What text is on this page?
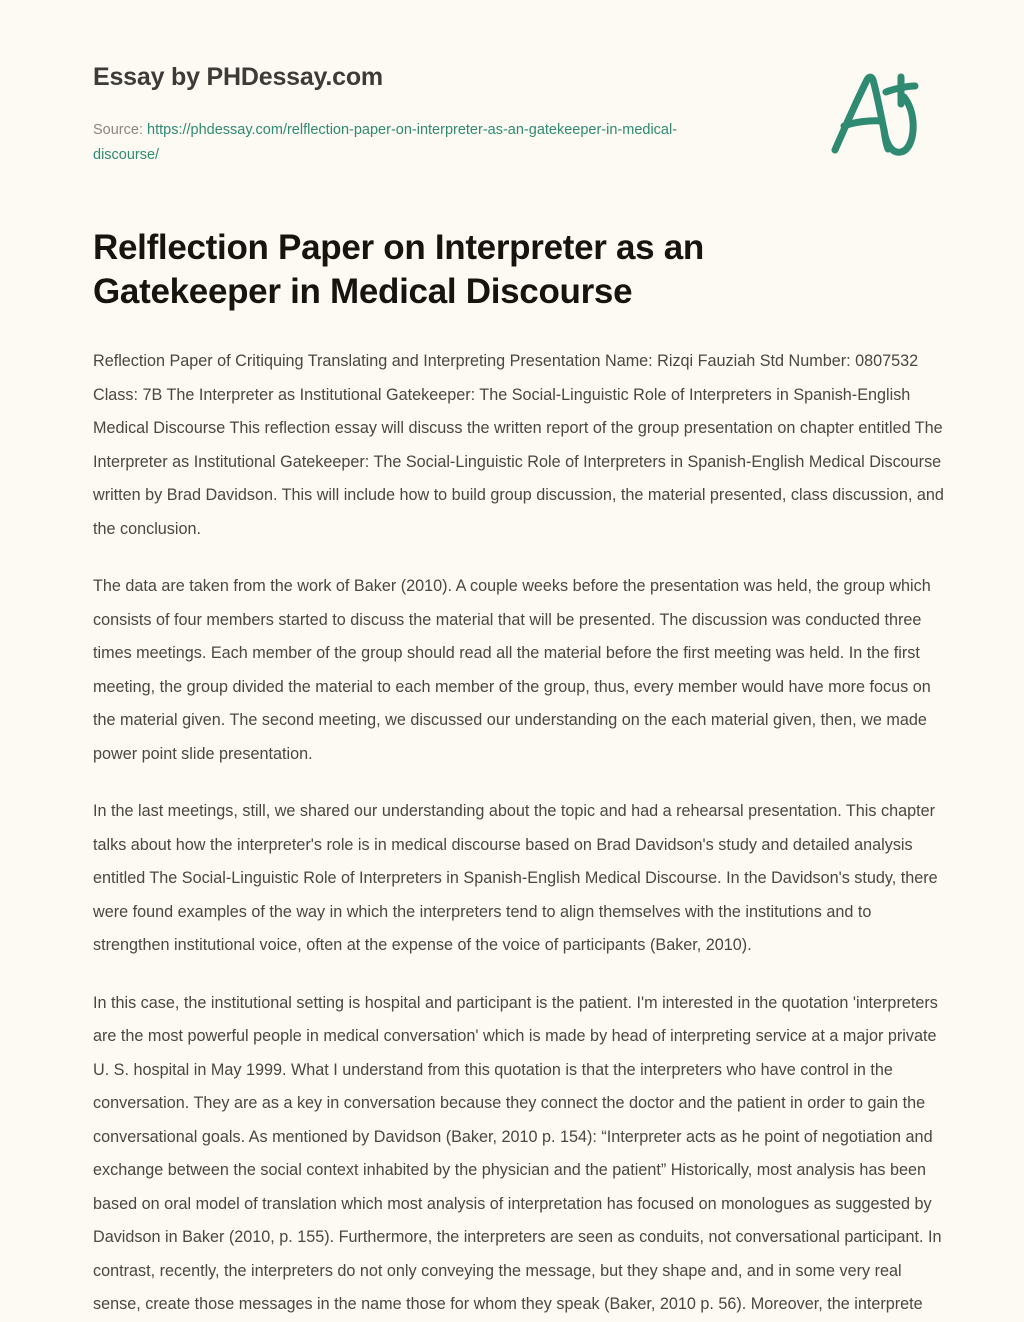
Essay by PHDessay.com
Source: https://phdessay.com/relflection-paper-on-interpreter-as-an-gatekeeper-in-medical-discourse/
Relflection Paper on Interpreter as an Gatekeeper in Medical Discourse

Reflection Paper of Critiquing Translating and Interpreting Presentation Name: Rizqi Fauziah Std Number: 0807532 Class: 7B The Interpreter as Institutional Gatekeeper: The Social-Linguistic Role of Interpreters in Spanish-English Medical Discourse This reflection essay will discuss the written report of the group presentation on chapter entitled The Interpreter as Institutional Gatekeeper: The Social-Linguistic Role of Interpreters in Spanish-English Medical Discourse written by Brad Davidson. This will include how to build group discussion, the material presented, class discussion, and the conclusion.

The data are taken from the work of Baker (2010). A couple weeks before the presentation was held, the group which consists of four members started to discuss the material that will be presented. The discussion was conducted three times meetings. Each member of the group should read all the material before the first meeting was held. In the first meeting, the group divided the material to each member of the group, thus, every member would have more focus on the material given. The second meeting, we discussed our understanding on the each material given, then, we made power point slide presentation.

In the last meetings, still, we shared our understanding about the topic and had a rehearsal presentation. This chapter talks about how the interpreter's role is in medical discourse based on Brad Davidson's study and detailed analysis entitled The Social-Linguistic Role of Interpreters in Spanish-English Medical Discourse. In the Davidson's study, there were found examples of the way in which the interpreters tend to align themselves with the institutions and to strengthen institutional voice, often at the expense of the voice of participants (Baker, 2010).

In this case, the institutional setting is hospital and participant is the patient. I'm interested in the quotation 'interpreters are the most powerful people in medical conversation' which is made by head of interpreting service at a major private U. S. hospital in May 1999. What I understand from this quotation is that the interpreters who have control in the conversation. They are as a key in conversation because they connect the doctor and the patient in order to gain the conversational goals. As mentioned by Davidson (Baker, 2010 p. 154): “Interpreter acts as he point of negotiation and exchange between the social context inhabited by the physician and the patient” Historically, most analysis has been based on oral model of translation which most analysis of interpretation has focused on monologues as suggested by Davidson in Baker (2010, p. 155). Furthermore, the interpreters are seen as conduits, not conversational participant. In contrast, recently, the interpreters do not only conveying the message, but they shape and, and in some very real sense, create those messages in the name those for whom they speak (Baker, 2010 p. 56). Moreover, the interprete
